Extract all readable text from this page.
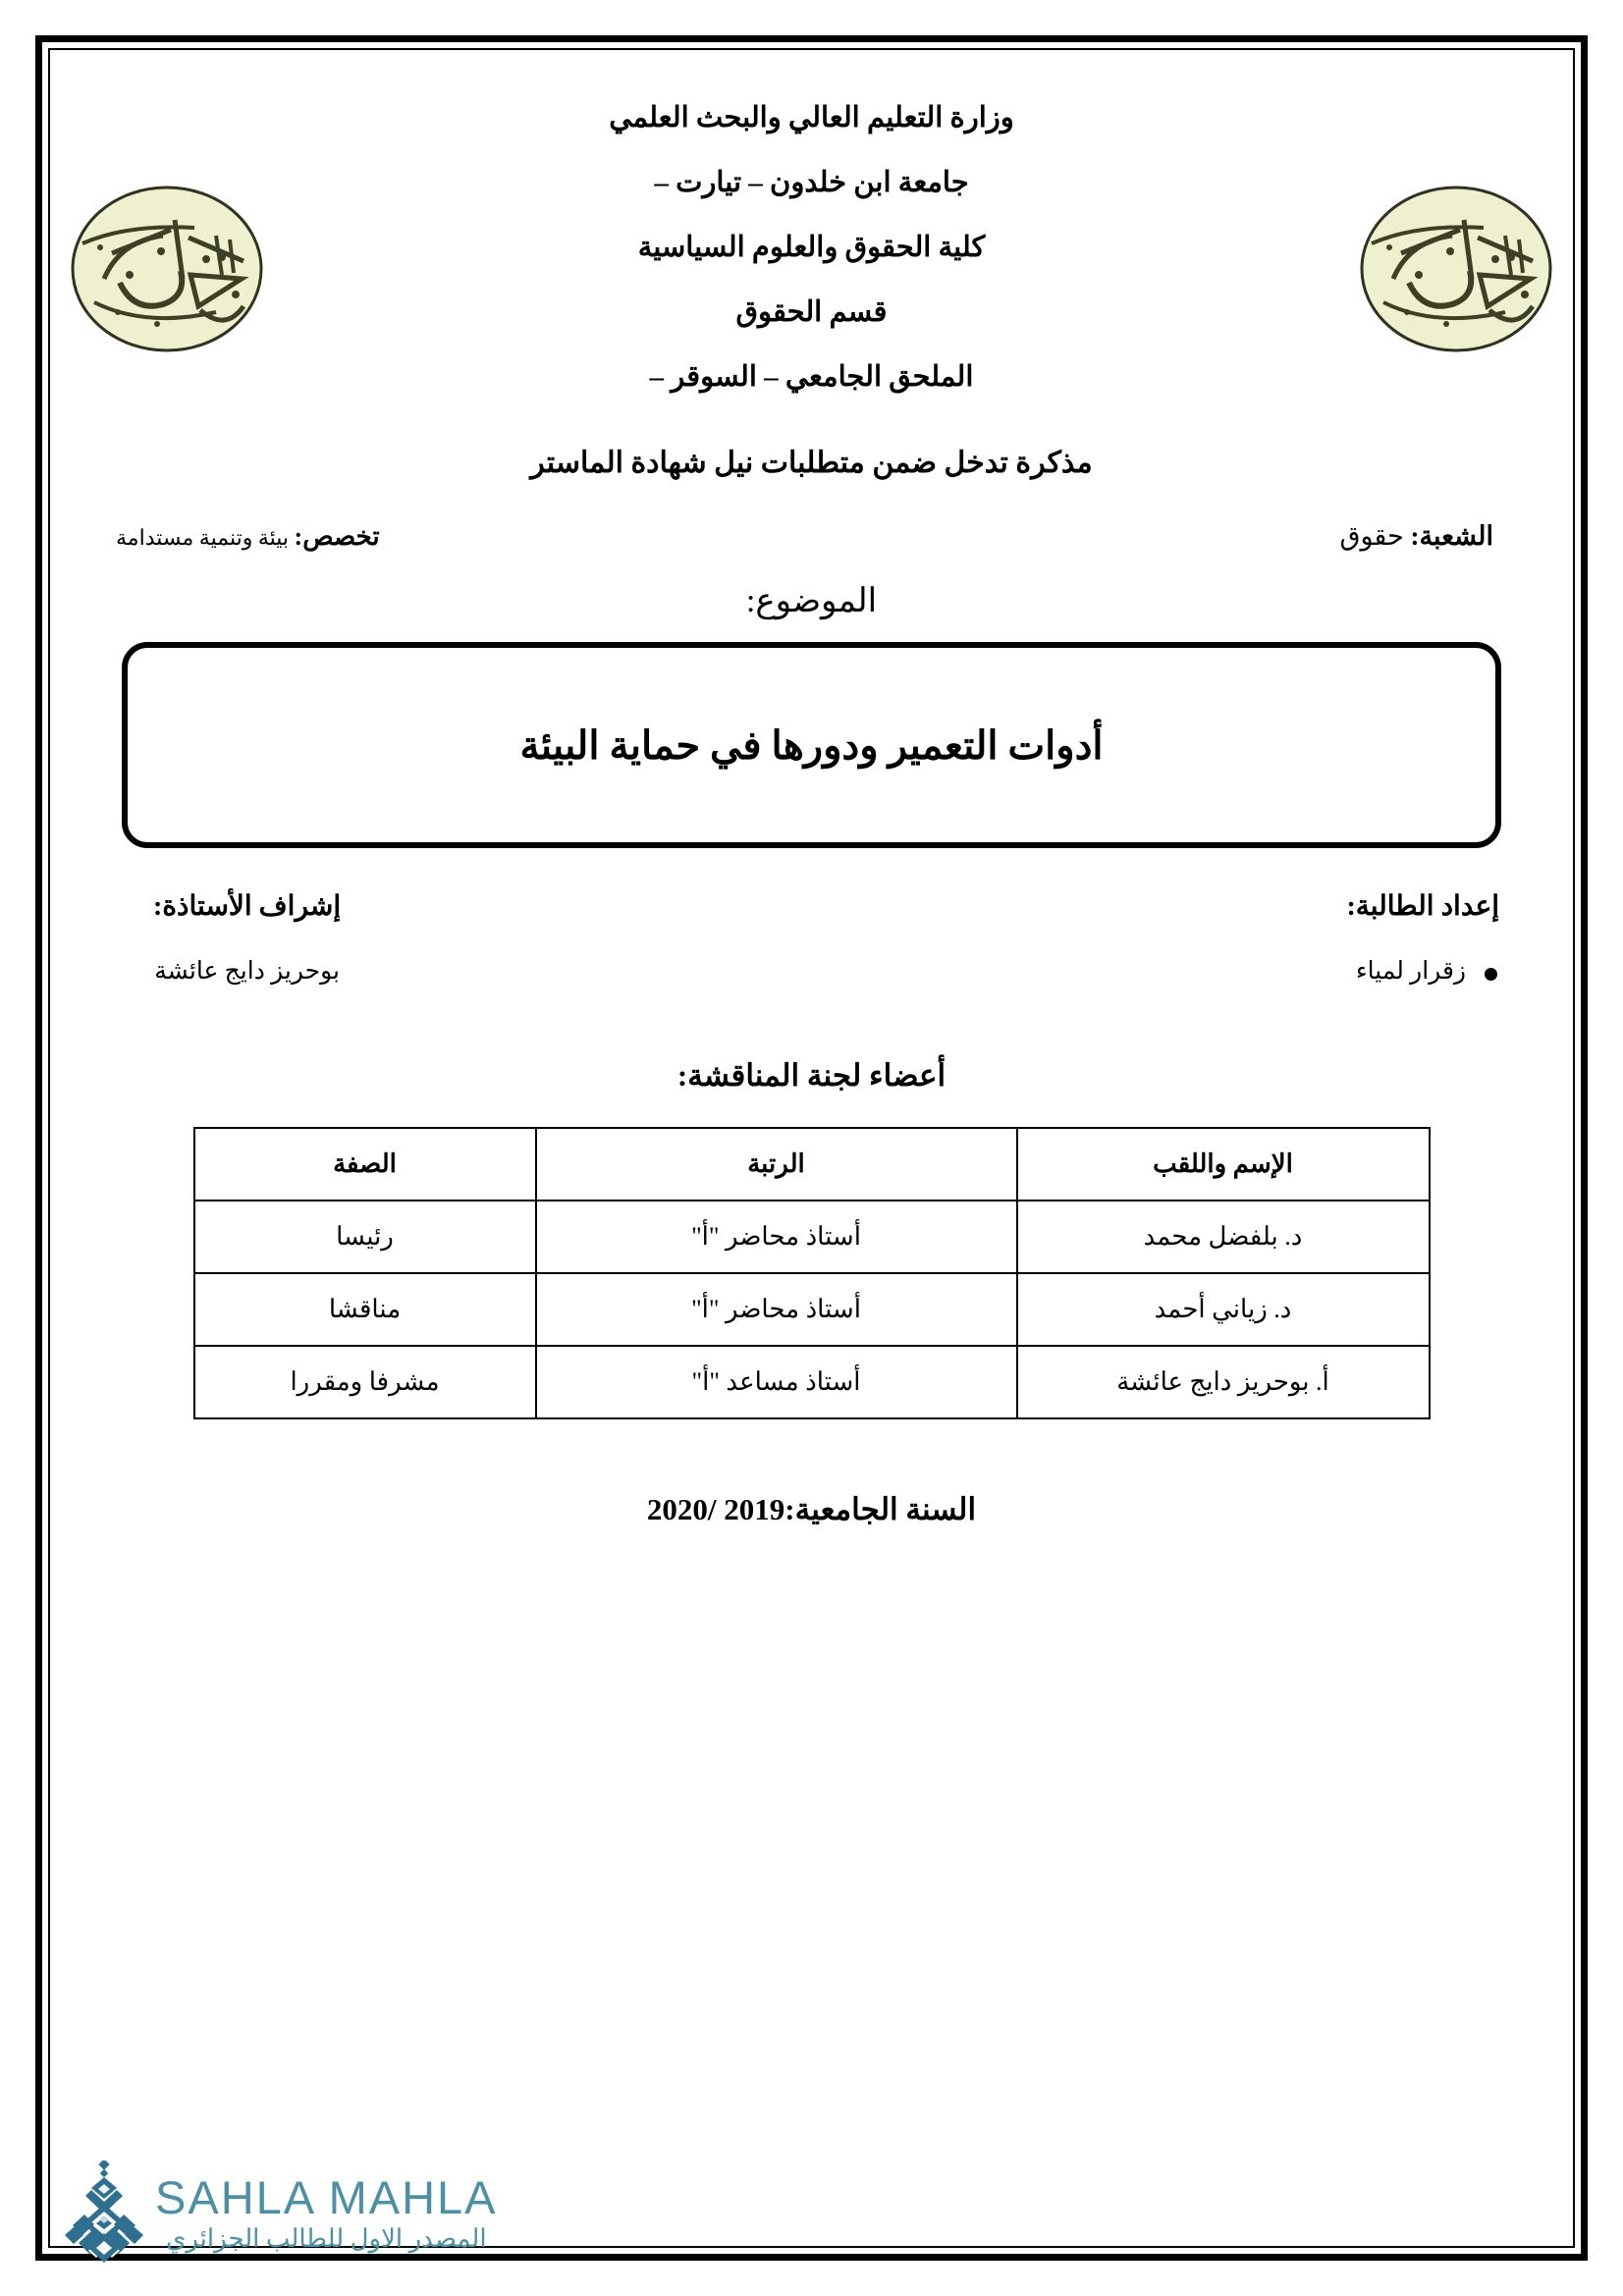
وزارة التعليم العالي والبحث العلمي
جامعة ابن خلدون – تيارت –
كلية الحقوق والعلوم السياسية
قسم الحقوق
الملحق الجامعي – السوقر –
مذكرة تدخل ضمن متطلبات نيل شهادة الماستر
الشعبة: حقوق
تخصص: بيئة وتنمية مستدامة
الموضوع:
أدوات التعمير ودورها في حماية البيئة
إعداد الطالبة:
زقرار لمياء
إشراف الأستاذة:
بوحريز دايج عائشة
أعضاء لجنة المناقشة:
الإسم واللقب	الرتبة	الصفة
د. بلفضل محمد	أستاذ محاضر "أ"	رئيسا
د. زياني أحمد	أستاذ محاضر "أ"	مناقشا
أ. بوحريز دايج عائشة	أستاذ مساعد "أ"	مشرفا ومقررا
السنة الجامعية:2019 /2020
SAHLA MAHLA
المصدر الاول للطالب الجزائري
